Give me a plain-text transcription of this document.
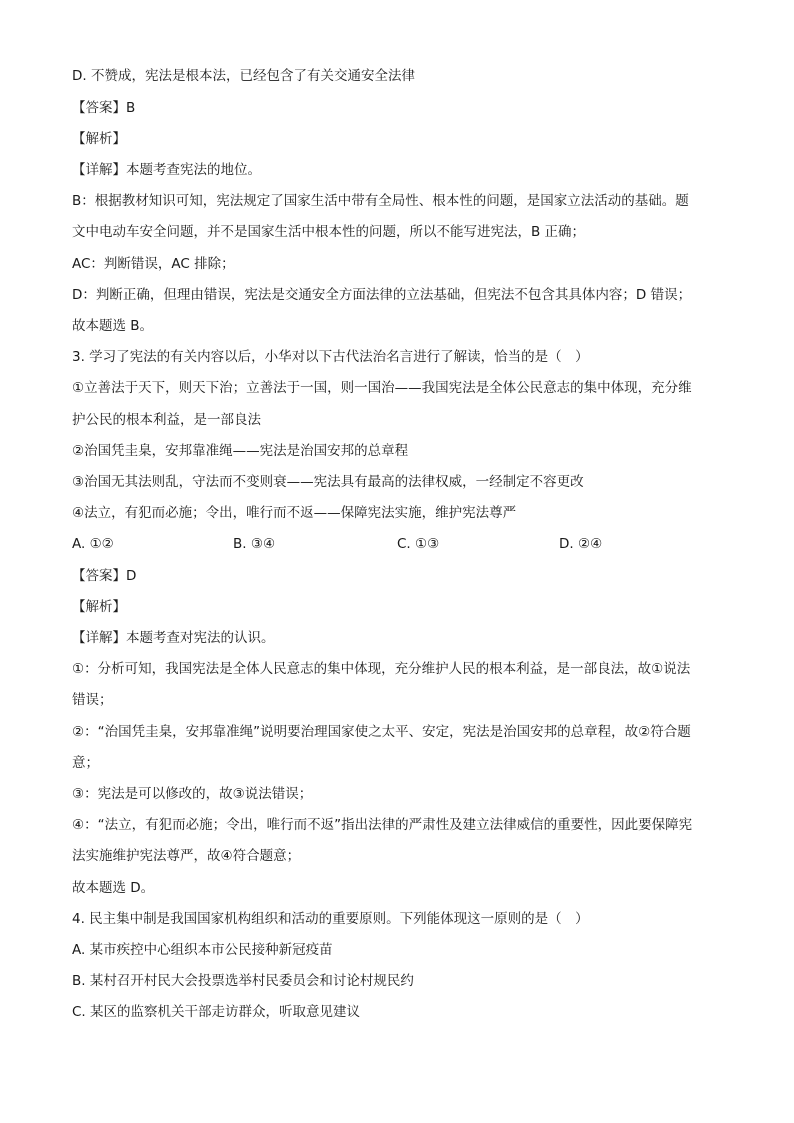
D. 不赞成，宪法是根本法，已经包含了有关交通安全法律
【答案】B
【解析】
【详解】本题考查宪法的地位。
B：根据教材知识可知，宪法规定了国家生活中带有全局性、根本性的问题，是国家立法活动的基础。题
文中电动车安全问题，并不是国家生活中根本性的问题，所以不能写进宪法，B 正确；
AC：判断错误，AC 排除；
D：判断正确，但理由错误，宪法是交通安全方面法律的立法基础，但宪法不包含其具体内容；D 错误；
故本题选 B。
3. 学习了宪法的有关内容以后，小华对以下古代法治名言进行了解读，恰当的是（　）
①立善法于天下，则天下治；立善法于一国，则一国治——我国宪法是全体公民意志的集中体现，充分维
护公民的根本利益，是一部良法
②治国凭圭臬，安邦靠准绳——宪法是治国安邦的总章程
③治国无其法则乱，守法而不变则衰——宪法具有最高的法律权威，一经制定不容更改
④法立，有犯而必施；令出，唯行而不返——保障宪法实施，维护宪法尊严
A. ①②	B. ③④	C. ①③	D. ②④
【答案】D
【解析】
【详解】本题考查对宪法的认识。
①：分析可知，我国宪法是全体人民意志的集中体现，充分维护人民的根本利益，是一部良法，故①说法
错误；
②：“治国凭圭臬，安邦靠准绳”说明要治理国家使之太平、安定，宪法是治国安邦的总章程，故②符合题
意；
③：宪法是可以修改的，故③说法错误；
④：“法立，有犯而必施；令出，唯行而不返”指出法律的严肃性及建立法律威信的重要性，因此要保障宪
法实施维护宪法尊严，故④符合题意；
故本题选 D。
4. 民主集中制是我国国家机构组织和活动的重要原则。下列能体现这一原则的是（　）
A. 某市疾控中心组织本市公民接种新冠疫苗
B. 某村召开村民大会投票选举村民委员会和讨论村规民约
C. 某区的监察机关干部走访群众，听取意见建议
